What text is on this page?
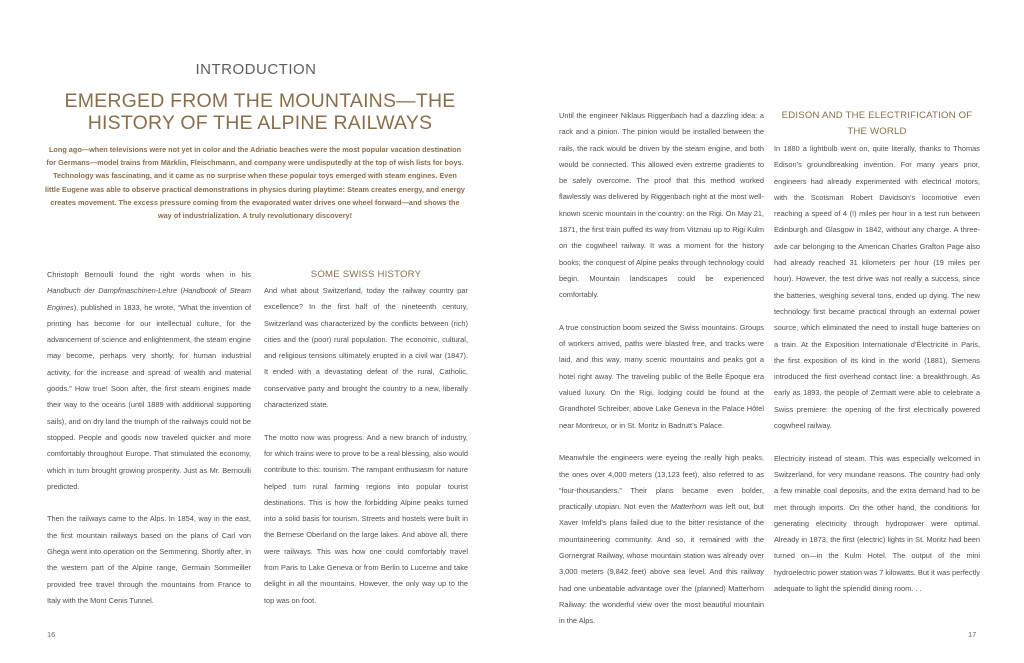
INTRODUCTION
EMERGED FROM THE MOUNTAINS—THE HISTORY OF THE ALPINE RAILWAYS
Long ago—when televisions were not yet in color and the Adriatic beaches were the most popular vacation destination for Germans—model trains from Märklin, Fleischmann, and company were undisputedly at the top of wish lists for boys. Technology was fascinating, and it came as no surprise when these popular toys emerged with steam engines. Even little Eugene was able to observe practical demonstrations in physics during playtime: Steam creates energy, and energy creates movement. The excess pressure coming from the evaporated water drives one wheel forward—and shows the way of industrialization. A truly revolutionary discovery!

Christoph Bernoulli found the right words when in his Handbuch der Dampfmaschinen-Lehre (Handbook of Steam Engines), published in 1833, he wrote, “What the invention of printing has become for our intellectual culture, for the advancement of science and enlightenment, the steam engine may become, perhaps very shortly, for human industrial activity, for the increase and spread of wealth and material goods.” How true! Soon after, the first steam engines made their way to the oceans (until 1889 with additional supporting sails), and on dry land the triumph of the railways could not be stopped. People and goods now traveled quicker and more comfortably throughout Europe. That stimulated the economy, which in turn brought growing prosperity. Just as Mr. Bernoulli predicted.

Then the railways came to the Alps. In 1854, way in the east, the first mountain railways based on the plans of Carl von Ghega went into operation on the Semmering. Shortly after, in the western part of the Alpine range, Germain Sommeiller provided free travel through the mountains from France to Italy with the Mont Cenis Tunnel.

SOME SWISS HISTORY

And what about Switzerland, today the railway country par excellence? In the first half of the nineteenth century, Switzerland was characterized by the conflicts between (rich) cities and the (poor) rural population. The economic, cultural, and religious tensions ultimately erupted in a civil war (1847). It ended with a devastating defeat of the rural, Catholic, conservative party and brought the country to a new, liberally characterized state.

The motto now was progress. And a new branch of industry, for which trains were to prove to be a real blessing, also would contribute to this: tourism. The rampant enthusiasm for nature helped turn rural farming regions into popular tourist destinations. This is how the forbidding Alpine peaks turned into a solid basis for tourism. Streets and hostels were built in the Bernese Oberland on the large lakes. And above all, there were railways. This was how one could comfortably travel from Paris to Lake Geneva or from Berlin to Lucerne and take delight in all the mountains. However, the only way up to the top was on foot.

16

Until the engineer Niklaus Riggenbach had a dazzling idea: a rack and a pinion. The pinion would be installed between the rails, the rack would be driven by the steam engine, and both would be connected. This allowed even extreme gradients to be safely overcome. The proof that this method worked flawlessly was delivered by Riggenbach right at the most well-known scenic mountain in the country: on the Rigi. On May 21, 1871, the first train puffed its way from Vitznau up to Rigi Kulm on the cogwheel railway. It was a moment for the history books; the conquest of Alpine peaks through technology could begin. Mountain landscapes could be experienced comfortably.

A true construction boom seized the Swiss mountains. Groups of workers arrived, paths were blasted free, and tracks were laid, and this way, many scenic mountains and peaks got a hotel right away. The traveling public of the Belle Époque era valued luxury. On the Rigi, lodging could be found at the Grandhotel Schreiber, above Lake Geneva in the Palace Hôtel near Montreux, or in St. Moritz in Badrutt’s Palace.

Meanwhile the engineers were eyeing the really high peaks, the ones over 4,000 meters (13,123 feet), also referred to as “four-thousanders.” Their plans became even bolder, practically utopian. Not even the Matterhorn was left out, but Xaver Imfeld’s plans failed due to the bitter resistance of the mountaineering community. And so, it remained with the Gornergrat Railway, whose mountain station was already over 3,000 meters (9,842 feet) above sea level. And this railway had one unbeatable advantage over the (planned) Matterhorn Railway: the wonderful view over the most beautiful mountain in the Alps.

EDISON AND THE ELECTRIFICATION OF THE WORLD

In 1880 a lightbulb went on, quite literally, thanks to Thomas Edison’s groundbreaking invention. For many years prior, engineers had already experimented with electrical motors, with the Scotsman Robert Davidson’s locomotive even reaching a speed of 4 (!) miles per hour in a test run between Edinburgh and Glasgow in 1842, without any charge. A three-axle car belonging to the American Charles Grafton Page also had already reached 31 kilometers per hour (19 miles per hour). However, the test drive was not really a success, since the batteries, weighing several tons, ended up dying. The new technology first became practical through an external power source, which eliminated the need to install huge batteries on a train. At the Exposition Internationale d’Électricité in Paris, the first exposition of its kind in the world (1881), Siemens introduced the first overhead contact line: a breakthrough. As early as 1893, the people of Zermatt were able to celebrate a Swiss premiere: the opening of the first electrically powered cogwheel railway.

Electricity instead of steam. This was especially welcomed in Switzerland, for very mundane reasons. The country had only a few minable coal deposits, and the extra demand had to be met through imports. On the other hand, the conditions for generating electricity through hydropower were optimal. Already in 1873, the first (electric) lights in St. Moritz had been turned on—in the Kulm Hotel. The output of the mini hydroelectric power station was 7 kilowatts. But it was perfectly adequate to light the splendid dining room. . .

17
